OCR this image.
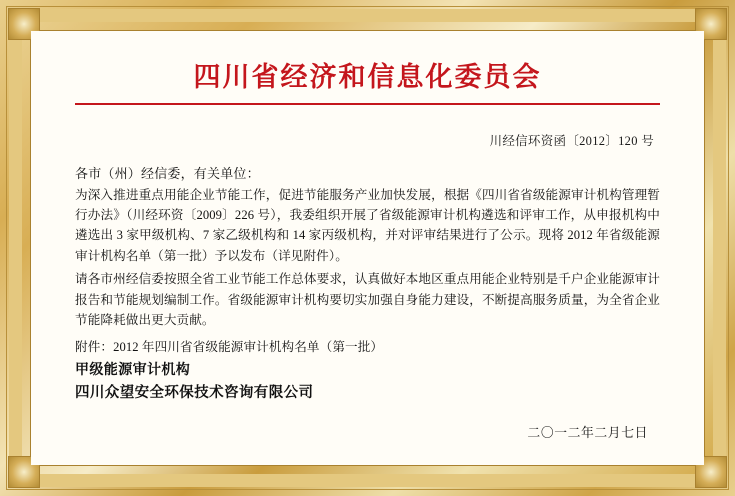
四川省经济和信息化委员会
川经信环资函〔2012〕120 号
各市（州）经信委，有关单位：
为深入推进重点用能企业节能工作，促进节能服务产业加快发展，根据《四川省省级能源审计机构管理暂行办法》（川经环资〔2009〕226 号），我委组织开展了省级能源审计机构遴选和评审工作，从申报机构中遴选出 3 家甲级机构、7 家乙级机构和 14 家丙级机构，并对评审结果进行了公示。现将 2012 年省级能源审计机构名单（第一批）予以发布（详见附件）。
请各市州经信委按照全省工业节能工作总体要求，认真做好本地区重点用能企业特别是千户企业能源审计报告和节能规划编制工作。省级能源审计机构要切实加强自身能力建设，不断提高服务质量，为全省企业节能降耗做出更大贡献。
附件：2012 年四川省省级能源审计机构名单（第一批）
甲级能源审计机构
四川众望安全环保技术咨询有限公司
二〇一二年二月七日
